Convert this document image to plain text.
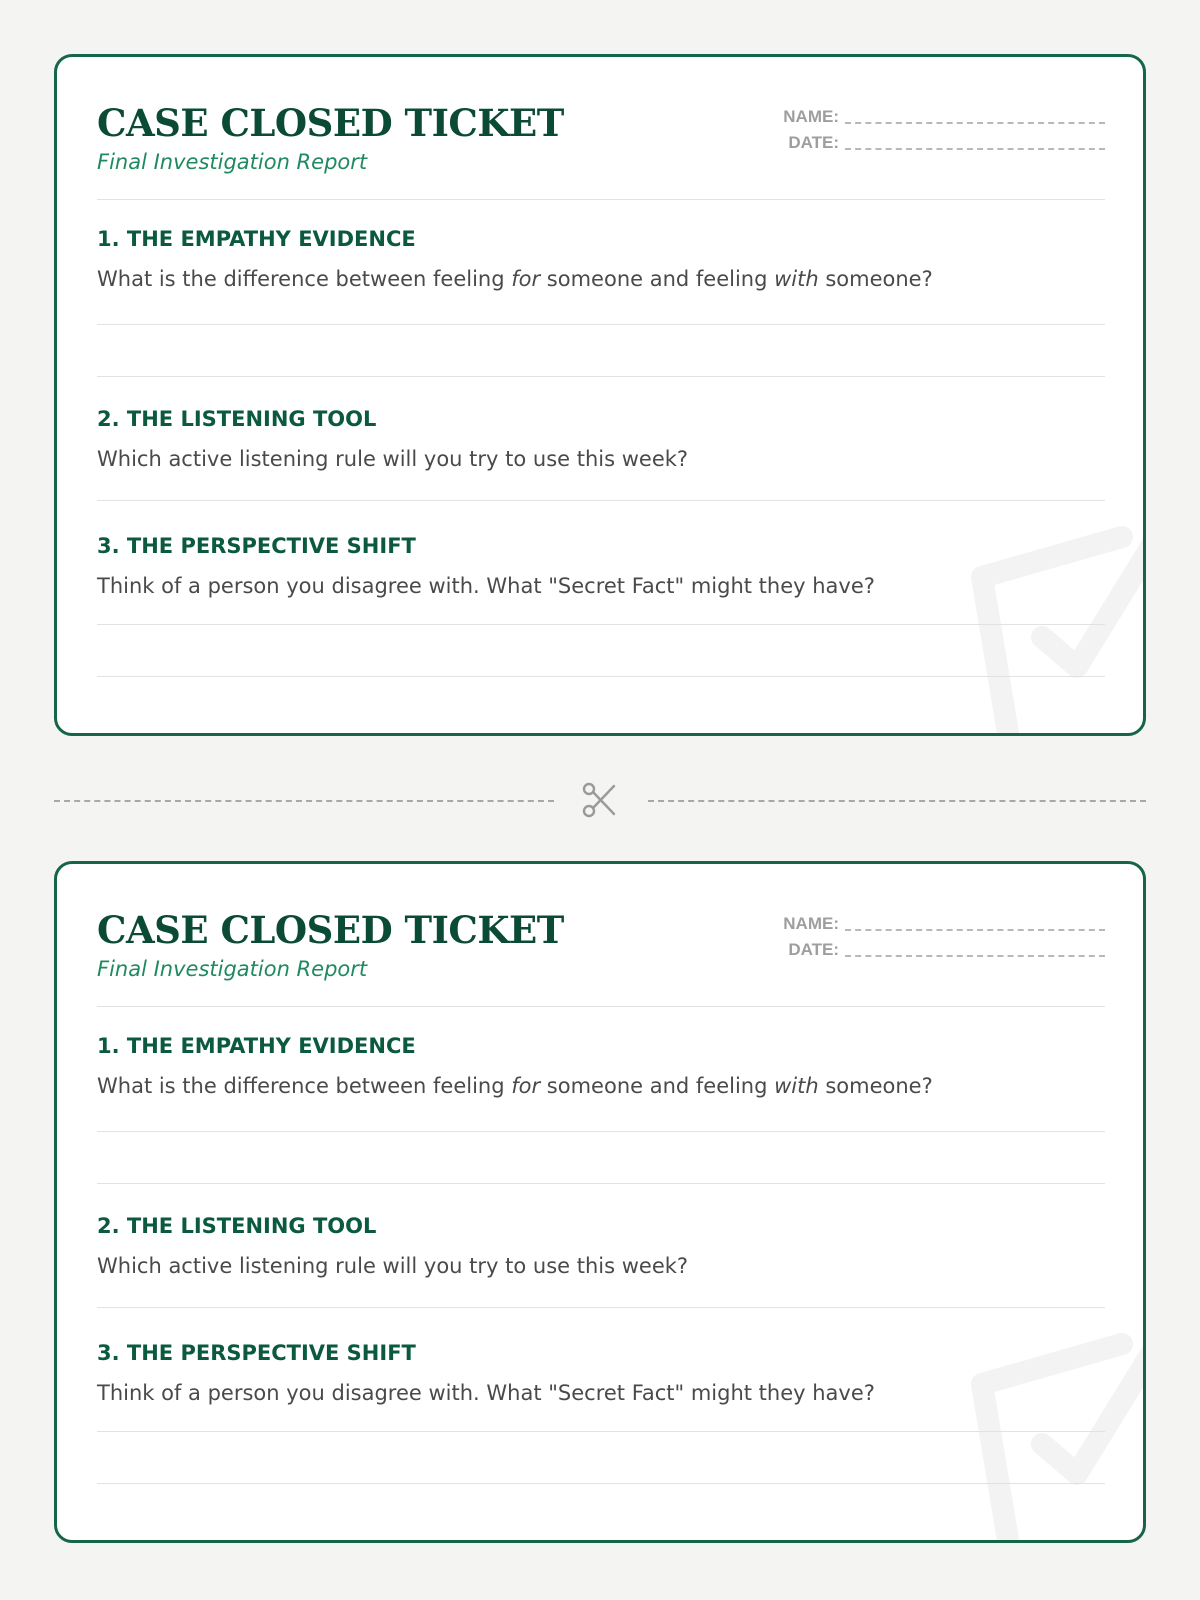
CASE CLOSED TICKET
Final Investigation Report
NAME:
DATE:
1. THE EMPATHY EVIDENCE
What is the difference between feeling for someone and feeling with someone?
2. THE LISTENING TOOL
Which active listening rule will you try to use this week?
3. THE PERSPECTIVE SHIFT
Think of a person you disagree with. What "Secret Fact" might they have?
CASE CLOSED TICKET
Final Investigation Report
NAME:
DATE:
1. THE EMPATHY EVIDENCE
What is the difference between feeling for someone and feeling with someone?
2. THE LISTENING TOOL
Which active listening rule will you try to use this week?
3. THE PERSPECTIVE SHIFT
Think of a person you disagree with. What "Secret Fact" might they have?
